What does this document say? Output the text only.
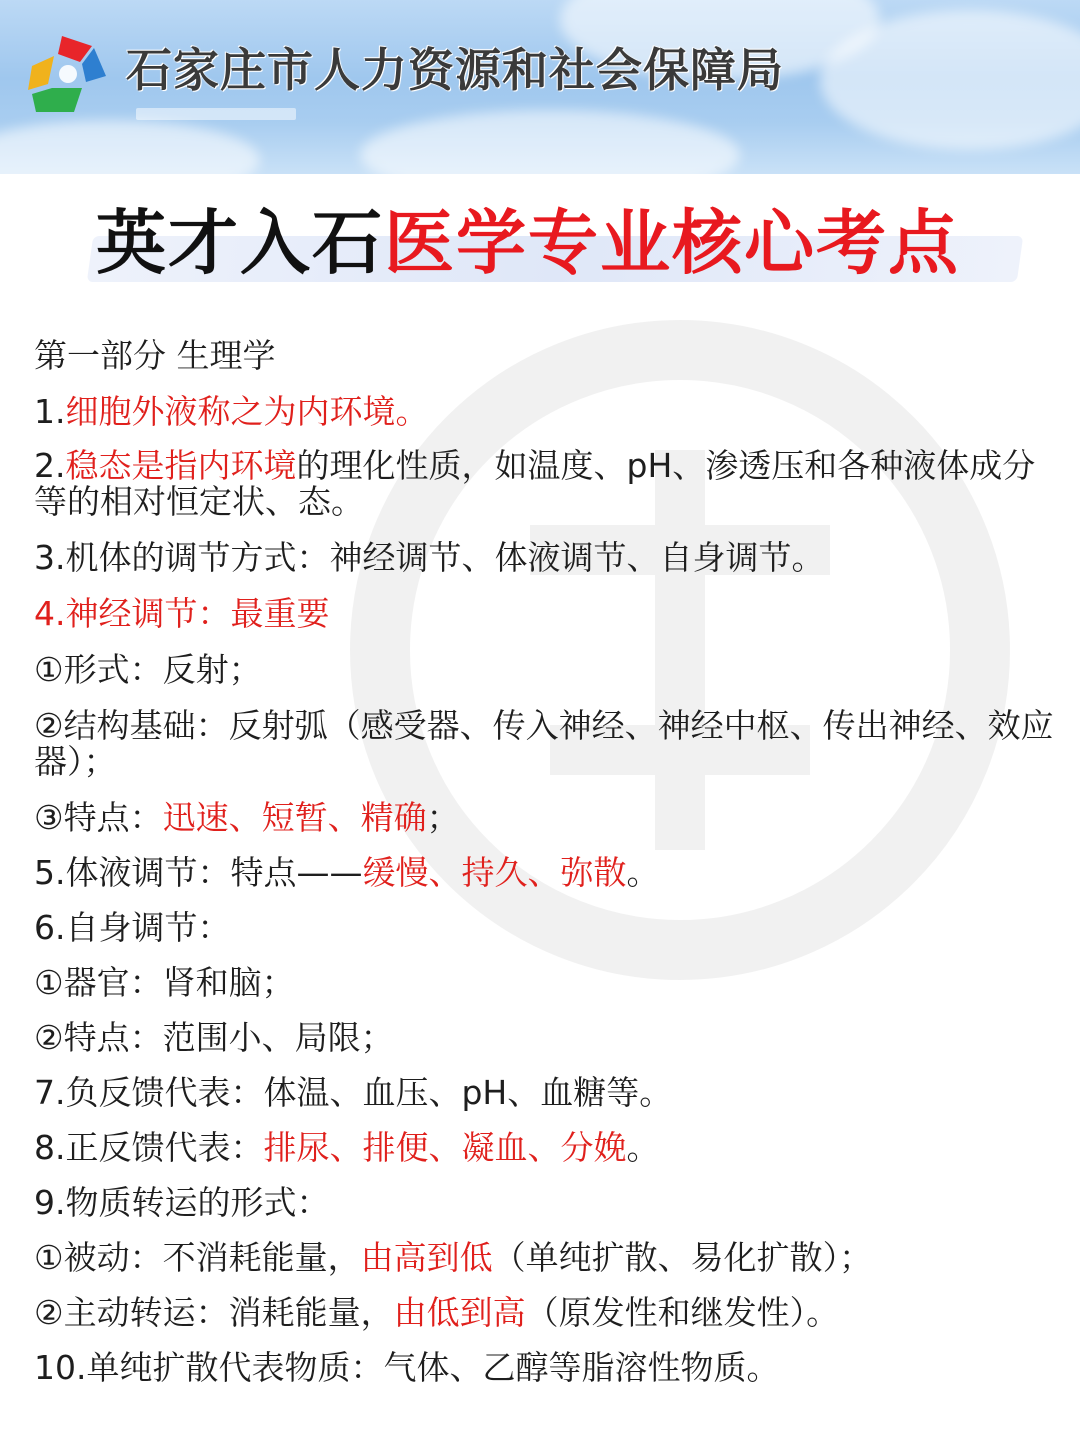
石家庄市人力资源和社会保障局
英才入石医学专业核心考点
第一部分 生理学
1.细胞外液称之为内环境。
2.稳态是指内环境的理化性质，如温度、pH、渗透压和各种液体成分等的相对恒定状、态。
3.机体的调节方式：神经调节、体液调节、自身调节。
4.神经调节：最重要
①形式：反射；
②结构基础：反射弧（感受器、传入神经、神经中枢、传出神经、效应器）；
③特点：迅速、短暂、精确；
5.体液调节：特点——缓慢、持久、弥散。
6.自身调节：
①器官：肾和脑；
②特点：范围小、局限；
7.负反馈代表：体温、血压、pH、血糖等。
8.正反馈代表：排尿、排便、凝血、分娩。
9.物质转运的形式：
①被动：不消耗能量，由高到低（单纯扩散、易化扩散）；
②主动转运：消耗能量，由低到高（原发性和继发性）。
10.单纯扩散代表物质：气体、乙醇等脂溶性物质。
